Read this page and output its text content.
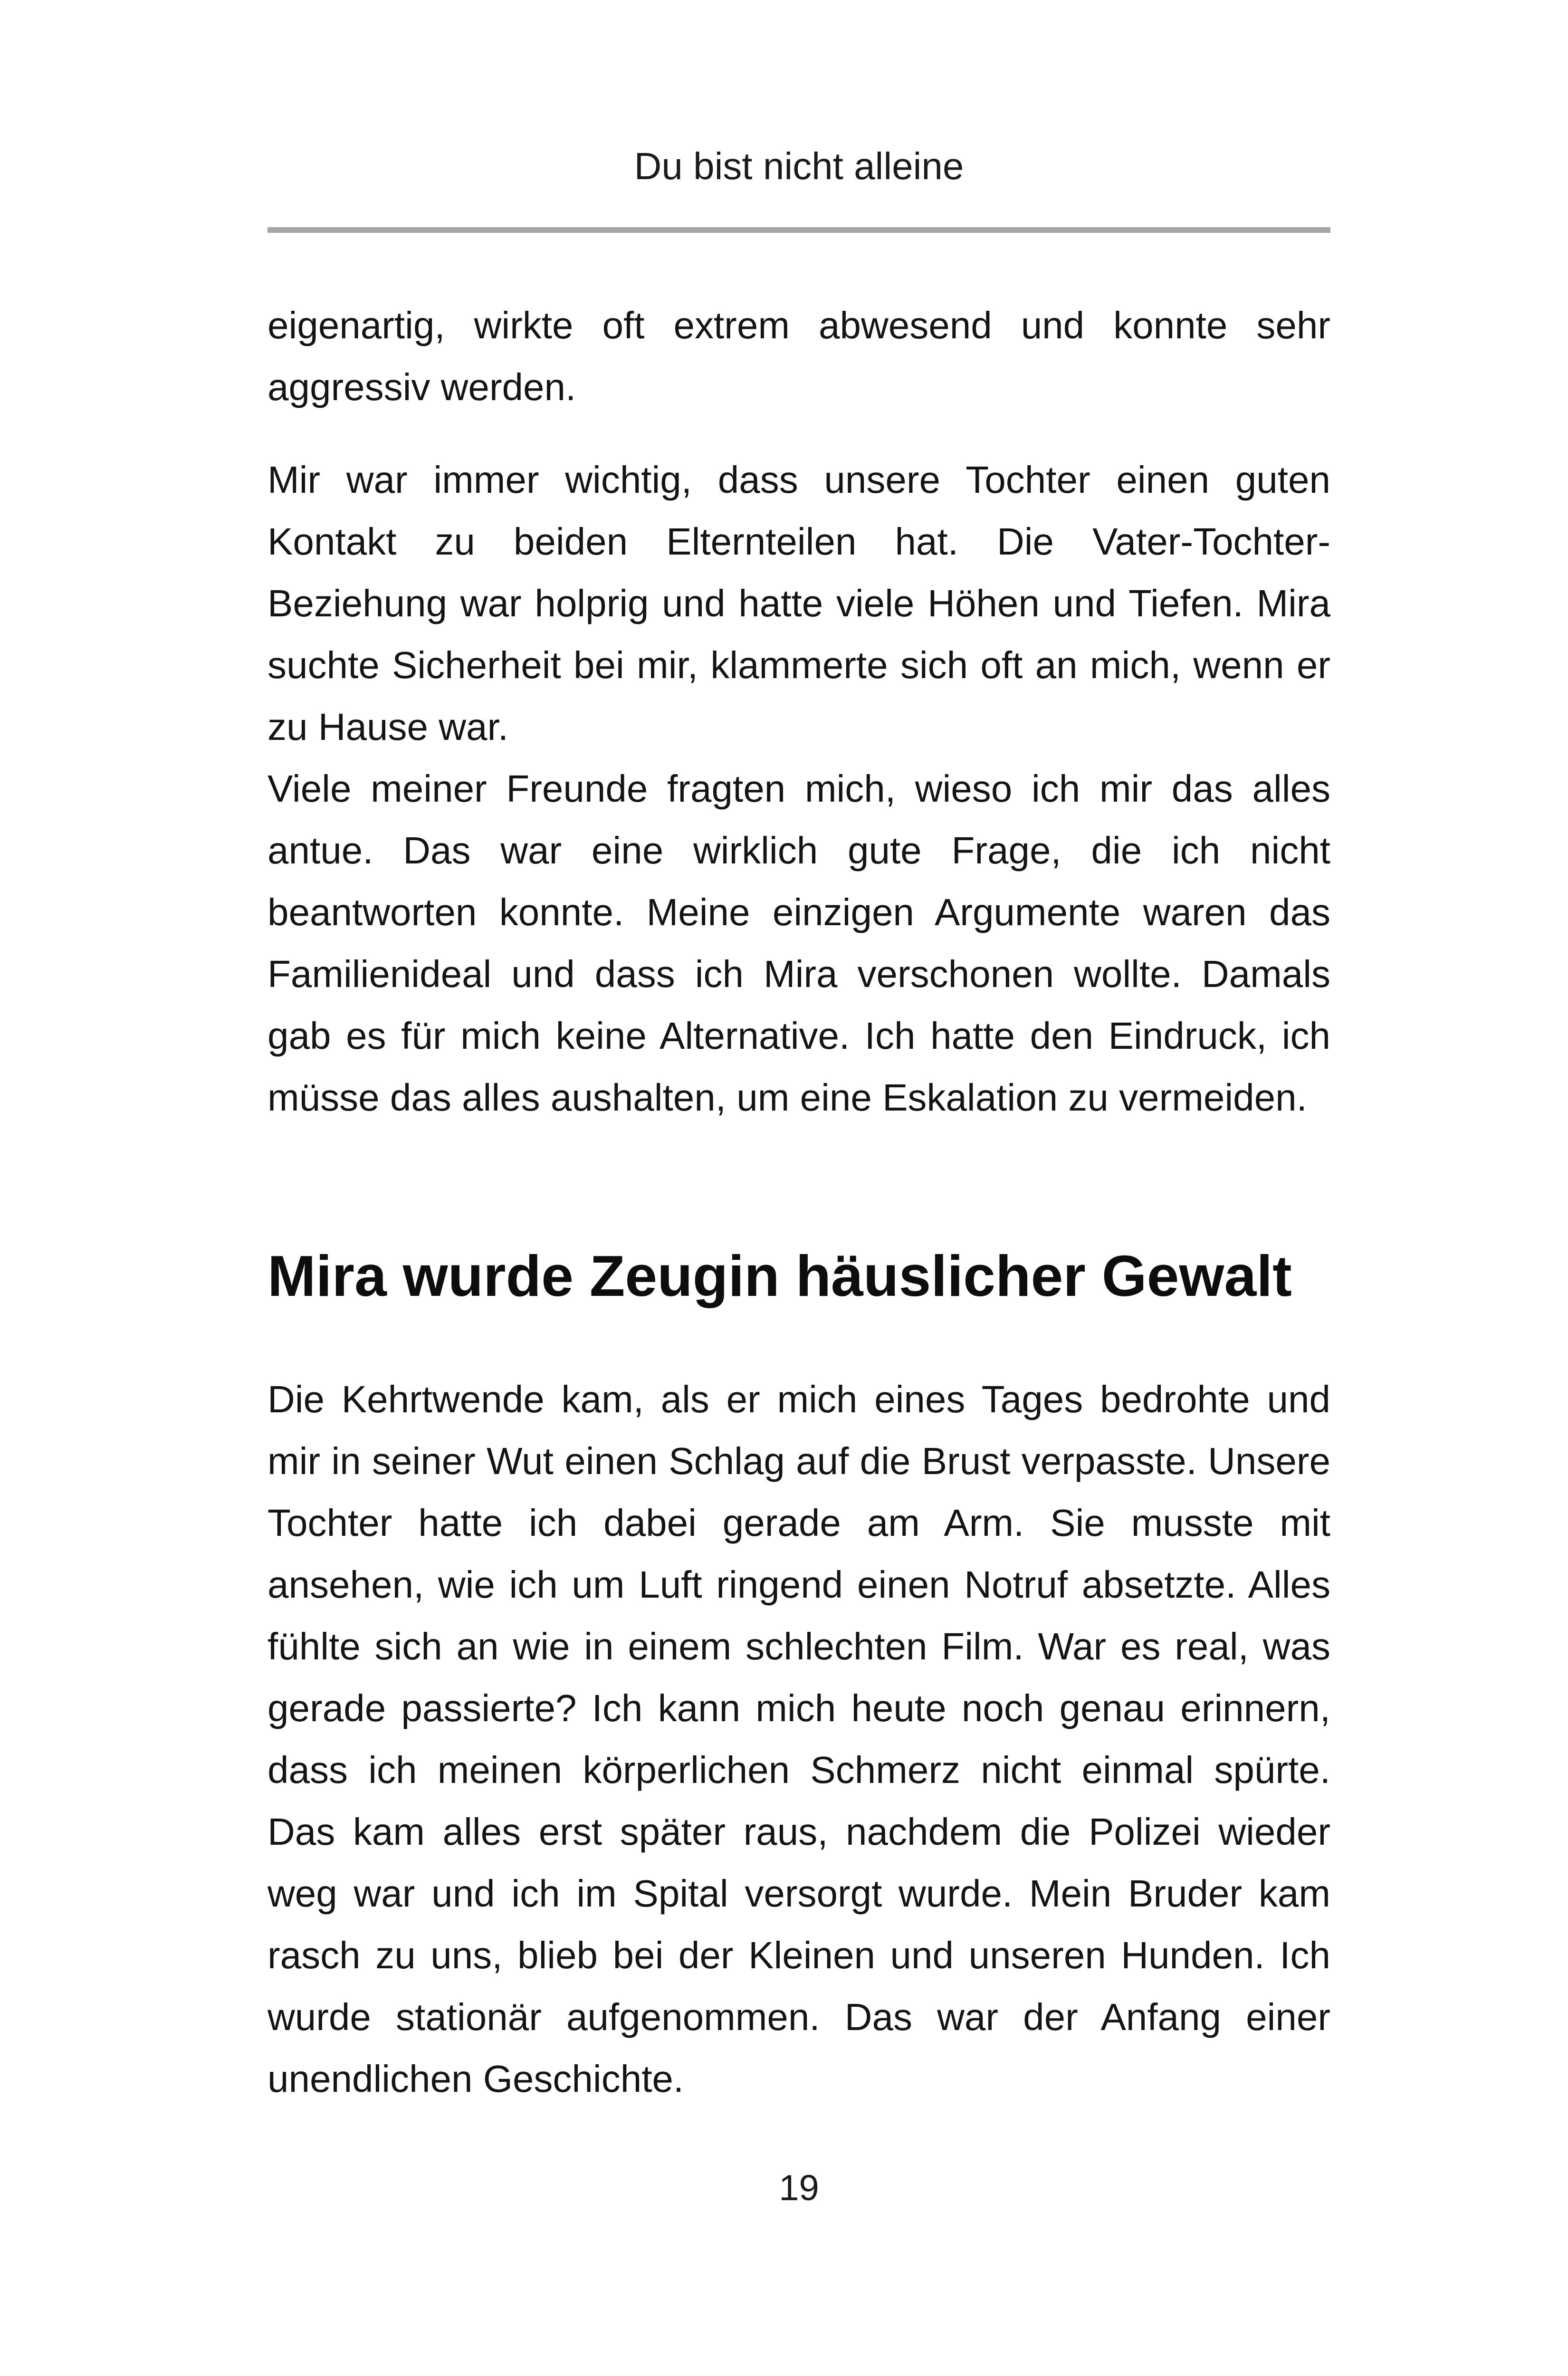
Du bist nicht alleine

eigenartig, wirkte oft extrem abwesend und konnte sehr aggressiv werden.

Mir war immer wichtig, dass unsere Tochter einen guten Kontakt zu beiden Elternteilen hat. Die Vater-Tochter-Beziehung war holprig und hatte viele Höhen und Tiefen. Mira suchte Sicherheit bei mir, klammerte sich oft an mich, wenn er zu Hause war.

Viele meiner Freunde fragten mich, wieso ich mir das alles antue. Das war eine wirklich gute Frage, die ich nicht beantworten konnte. Meine einzigen Argumente waren das Familienideal und dass ich Mira verschonen wollte. Damals gab es für mich keine Alternative. Ich hatte den Eindruck, ich müsse das alles aushalten, um eine Eskalation zu vermeiden.

Mira wurde Zeugin häuslicher Gewalt

Die Kehrtwende kam, als er mich eines Tages bedrohte und mir in seiner Wut einen Schlag auf die Brust verpasste. Unsere Tochter hatte ich dabei gerade am Arm. Sie musste mit ansehen, wie ich um Luft ringend einen Notruf absetzte. Alles fühlte sich an wie in einem schlechten Film. War es real, was gerade passierte? Ich kann mich heute noch genau erinnern, dass ich meinen körperlichen Schmerz nicht einmal spürte. Das kam alles erst später raus, nachdem die Polizei wieder weg war und ich im Spital versorgt wurde. Mein Bruder kam rasch zu uns, blieb bei der Kleinen und unseren Hunden. Ich wurde stationär aufgenommen. Das war der Anfang einer unendlichen Geschichte.

19
